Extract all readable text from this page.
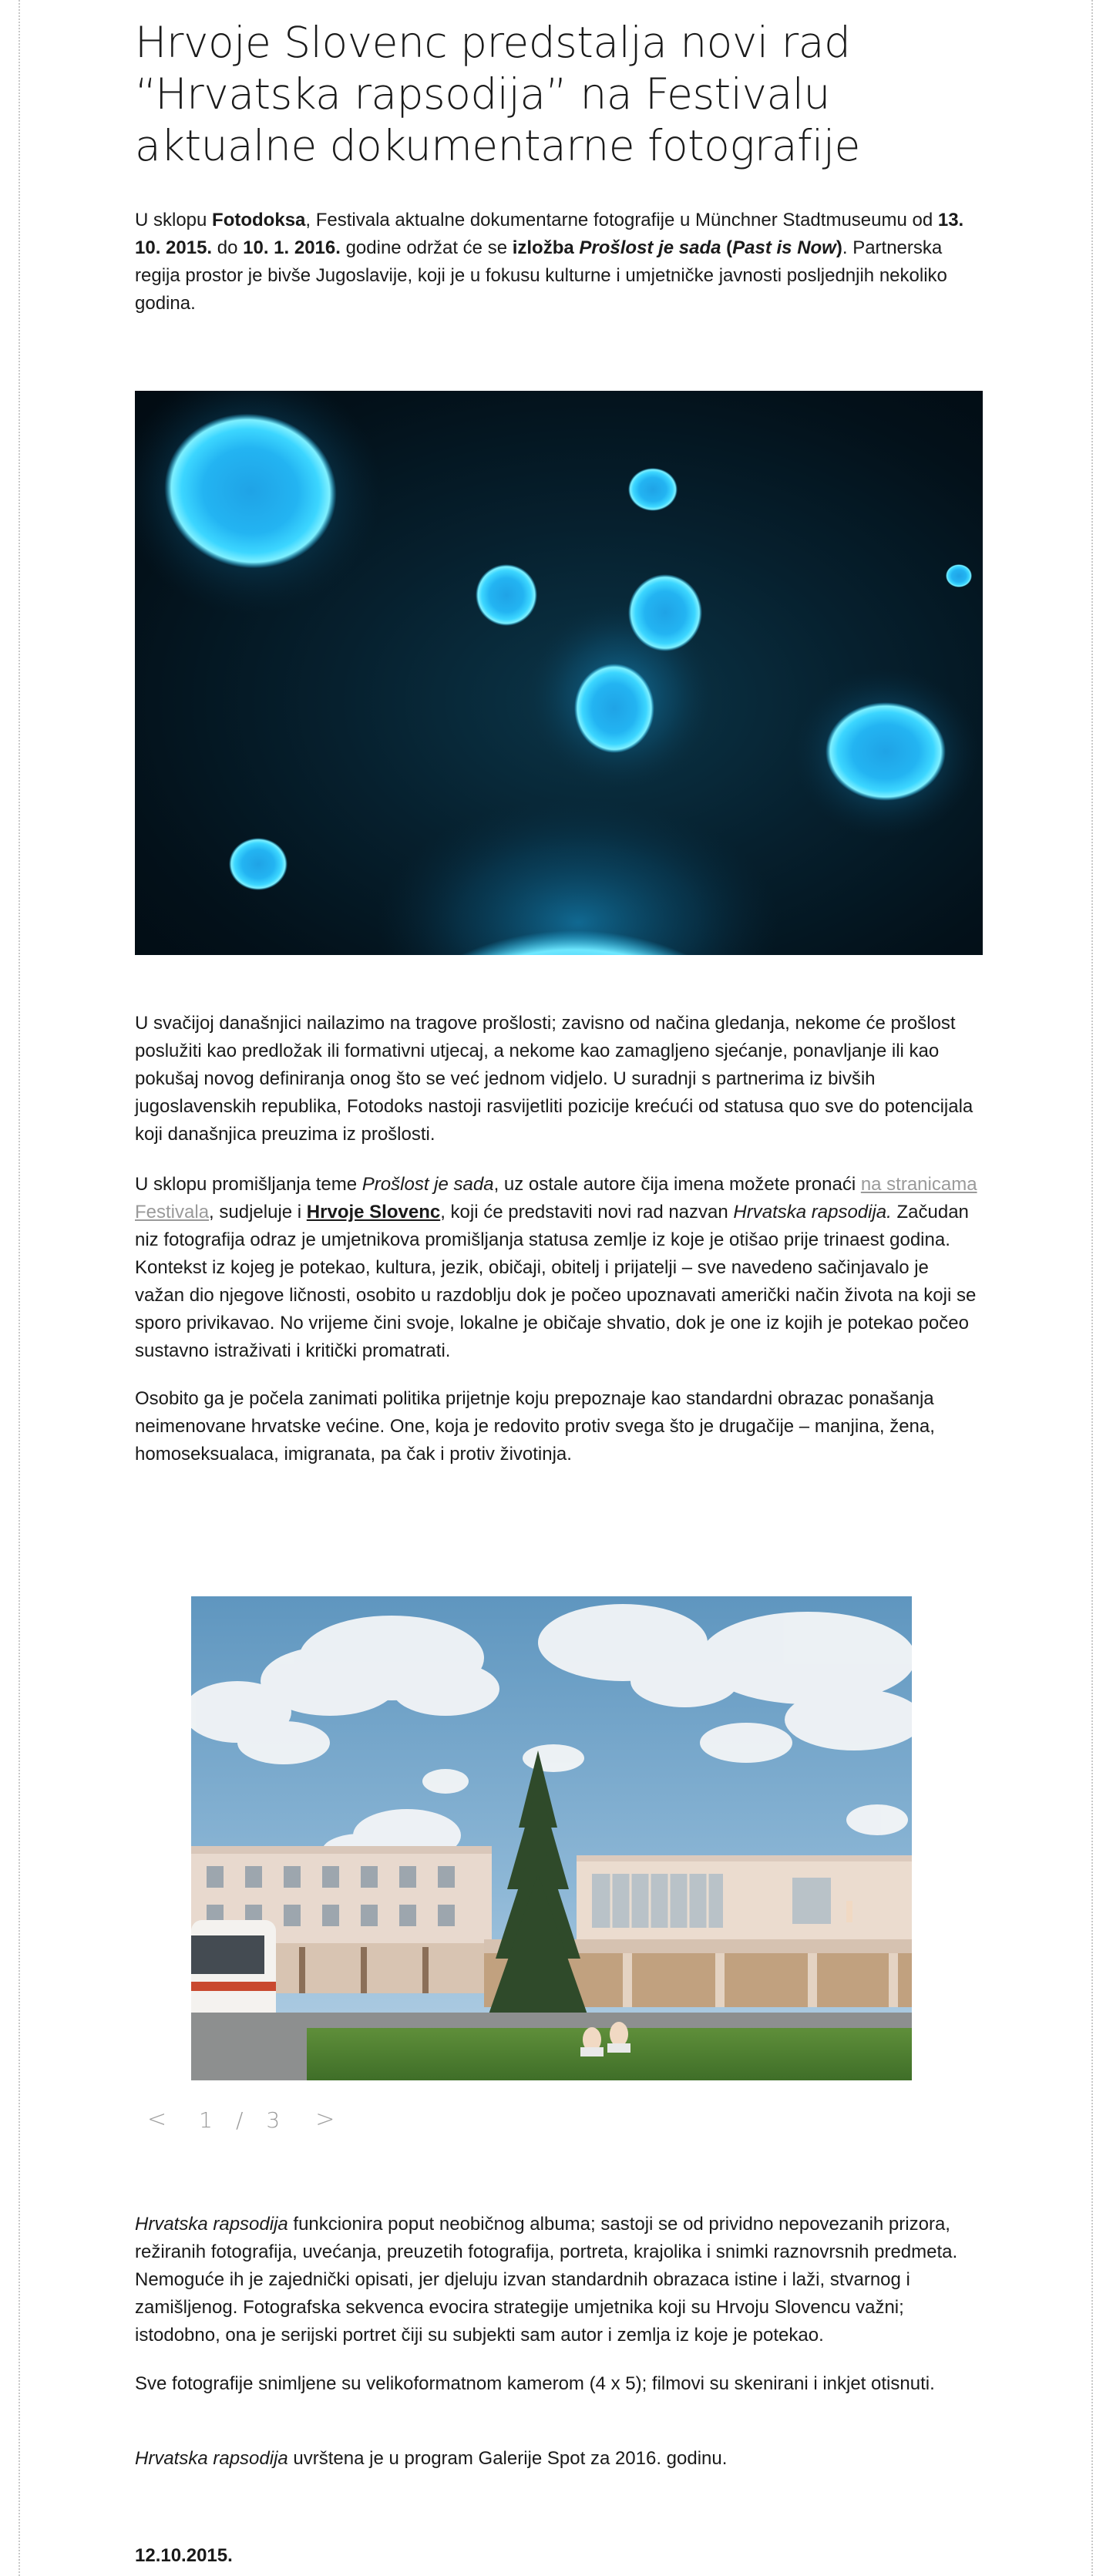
Hrvoje Slovenc predstalja novi rad “Hrvatska rapsodija” na Festivalu aktualne dokumentarne fotografije

U sklopu Fotodoksa, Festivala aktualne dokumentarne fotografije u Münchner Stadtmuseumu od 13. 10. 2015. do 10. 1. 2016. godine održat će se izložba Prošlost je sada (Past is Now). Partnerska regija prostor je bivše Jugoslavije, koji je u fokusu kulturne i umjetničke javnosti posljednjih nekoliko godina.

U svačijoj današnjici nailazimo na tragove prošlosti; zavisno od načina gledanja, nekome će prošlost poslužiti kao predložak ili formativni utjecaj, a nekome kao zamagljeno sjećanje, ponavljanje ili kao pokušaj novog definiranja onog što se već jednom vidjelo. U suradnji s partnerima iz bivših jugoslavenskih republika, Fotodoks nastoji rasvijetliti pozicije krećući od statusa quo sve do potencijala koji današnjica preuzima iz prošlosti.

U sklopu promišljanja teme Prošlost je sada, uz ostale autore čija imena možete pronaći na stranicama Festivala, sudjeluje i Hrvoje Slovenc, koji će predstaviti novi rad nazvan Hrvatska rapsodija. Začudan niz fotografija odraz je umjetnikova promišljanja statusa zemlje iz koje je otišao prije trinaest godina. Kontekst iz kojeg je potekao, kultura, jezik, običaji, obitelj i prijatelji – sve navedeno sačinjavalo je važan dio njegove ličnosti, osobito u razdoblju dok je počeo upoznavati američki način života na koji se sporo privikavao. No vrijeme čini svoje, lokalne je običaje shvatio, dok je one iz kojih je potekao počeo sustavno istraživati i kritički promatrati.

Osobito ga je počela zanimati politika prijetnje koju prepoznaje kao standardni obrazac ponašanja neimenovane hrvatske većine. One, koja je redovito protiv svega što je drugačije – manjina, žena, homoseksualaca, imigranata, pa čak i protiv životinja.

<	1	/	3	>

Hrvatska rapsodija funkcionira poput neobičnog albuma; sastoji se od prividno nepovezanih prizora, režiranih fotografija, uvećanja, preuzetih fotografija, portreta, krajolika i snimki raznovrsnih predmeta. Nemoguće ih je zajednički opisati, jer djeluju izvan standardnih obrazaca istine i laži, stvarnog i zamišljenog. Fotografska sekvenca evocira strategije umjetnika koji su Hrvoju Slovencu važni; istodobno, ona je serijski portret čiji su subjekti sam autor i zemlja iz koje je potekao.

Sve fotografije snimljene su velikoformatnom kamerom (4 x 5); filmovi su skenirani i inkjet otisnuti.

Hrvatska rapsodija uvrštena je u program Galerije Spot za 2016. godinu.

12.10.2015.
